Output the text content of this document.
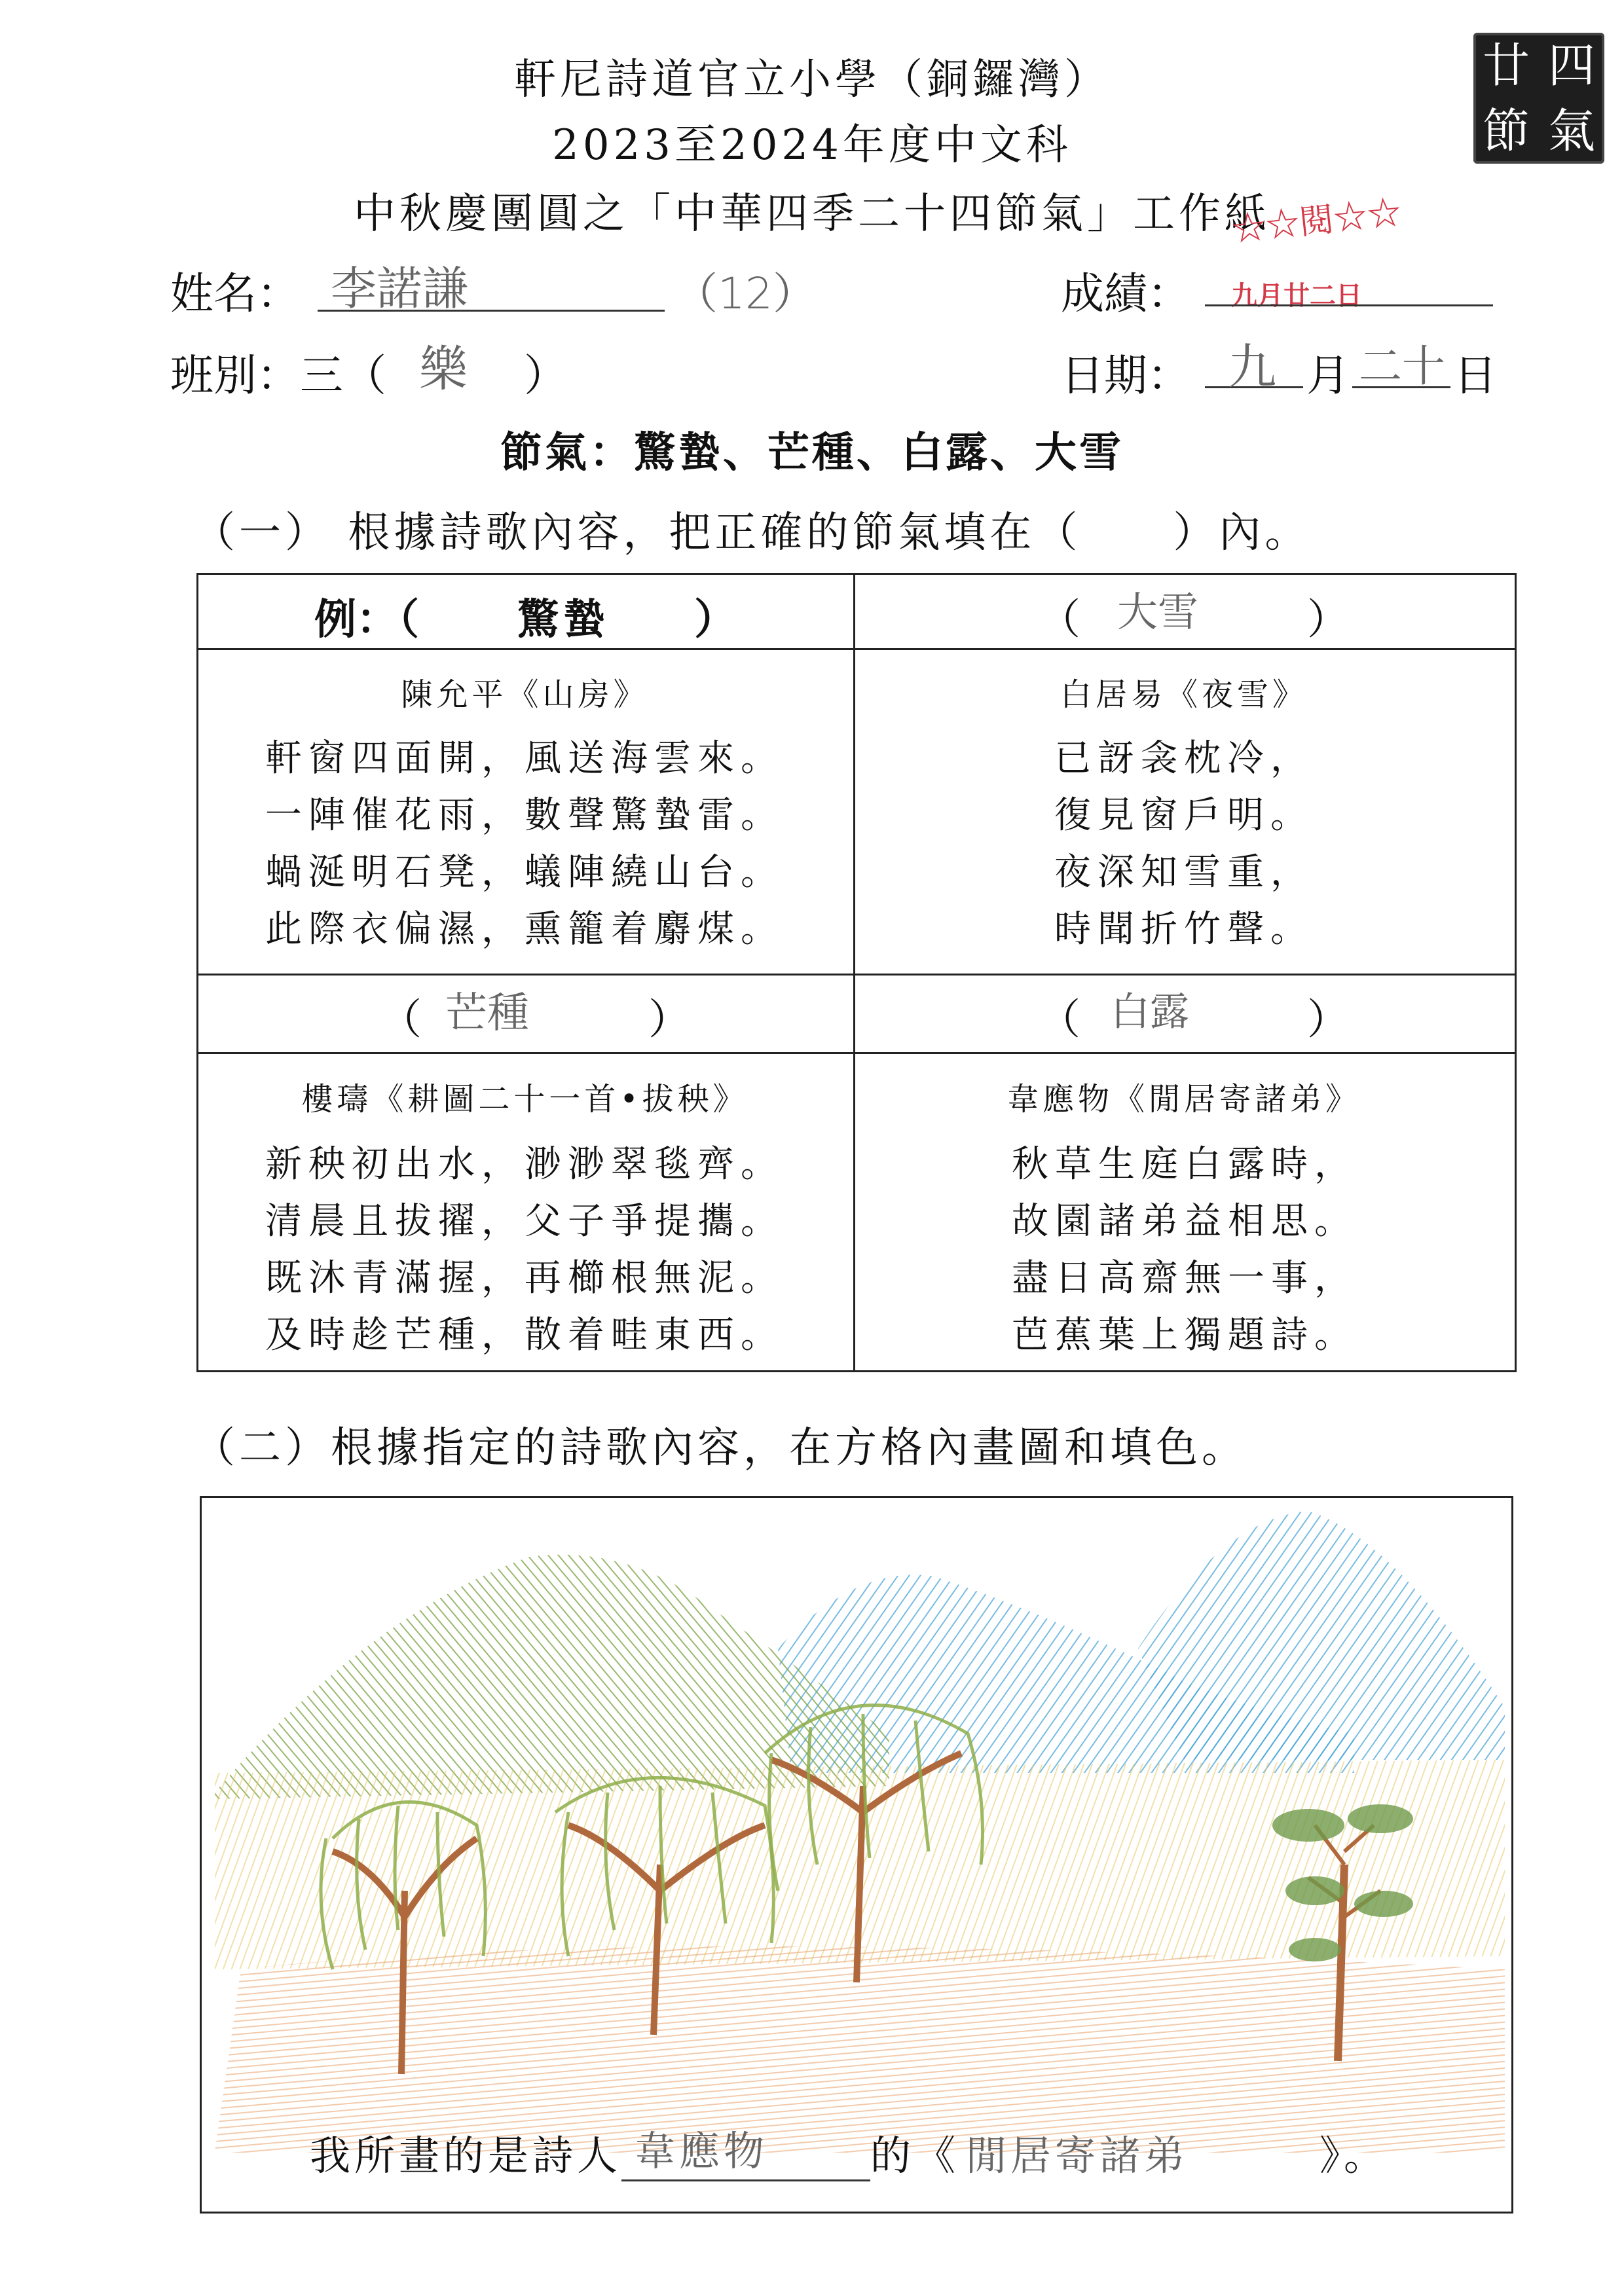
軒尼詩道官立小學（銅鑼灣）
2023至2024年度中文科
中秋慶團圓之「中華四季二十四節氣」工作紙
廿 四
節 氣
☆☆閱☆☆
九月廿二日
姓名： 李諾謙	（12）	成績：
班別：三（ 樂 ）	日期： 九 月 二十 日
節氣：驚蟄、芒種、白露、大雪
（一） 根據詩歌內容，把正確的節氣填在（　　）內。
例：（ 驚蟄 ）	（ 大雪	）
陳允平《山房》
軒窗四面開，風送海雲來。
一陣催花雨，數聲驚蟄雷。
蝸涎明石凳，蟻陣繞山台。
此際衣偏濕，熏籠着麝煤。
白居易《夜雪》
已訝衾枕冷，
復見窗戶明。
夜深知雪重，
時聞折竹聲。
（ 芒種	）	（ 白露	）
樓璹《耕圖二十一首•拔秧》
新秧初出水，渺渺翠毯齊。
清晨且拔擢，父子爭提攜。
既沐青滿握，再櫛根無泥。
及時趁芒種，散着畦東西。
韋應物《閒居寄諸弟》
秋草生庭白露時，
故園諸弟益相思。
盡日高齋無一事，
芭蕉葉上獨題詩。
（二）根據指定的詩歌內容，在方格內畫圖和填色。
我所畫的是詩人 韋應物	的《 閒居寄諸弟	》。
